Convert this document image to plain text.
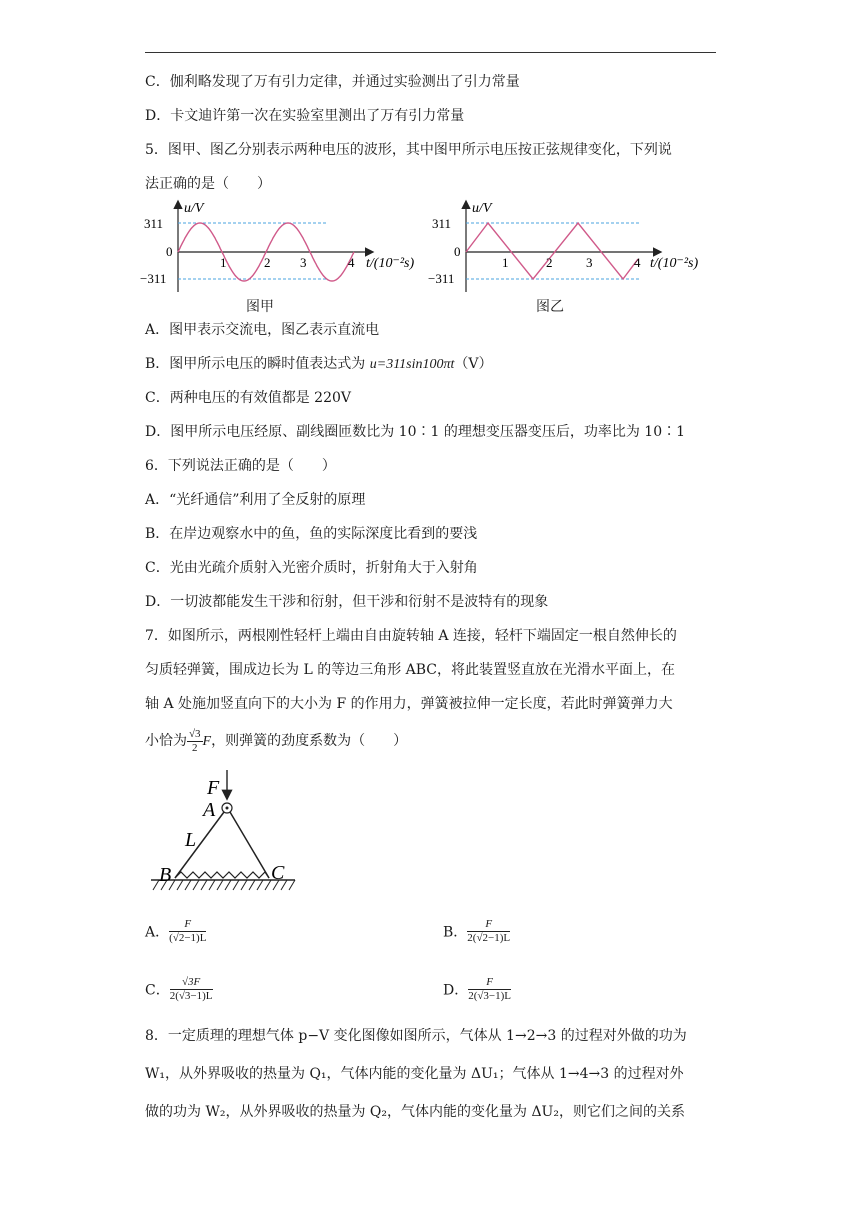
C．伽利略发现了万有引力定律，并通过实验测出了引力常量
D．卡文迪许第一次在实验室里测出了万有引力常量
5．图甲、图乙分别表示两种电压的波形，其中图甲所示电压按正弦规律变化，下列说
法正确的是（　　）
u/V
311
0
−311
1	2 3	4 t/(10⁻²s)
图甲
u/V
311
0
−311
1	2	3	4 t/(10⁻²s)
图乙
A．图甲表示交流电，图乙表示直流电
B．图甲所示电压的瞬时值表达式为 u=311sin100πt（V）
C．两种电压的有效值都是 220V
D．图甲所示电压经原、副线圈匝数比为 10∶1 的理想变压器变压后，功率比为 10∶1
6．下列说法正确的是（　　）
A．“光纤通信”利用了全反射的原理
B．在岸边观察水中的鱼，鱼的实际深度比看到的要浅
C．光由光疏介质射入光密介质时，折射角大于入射角
D．一切波都能发生干涉和衍射，但干涉和衍射不是波特有的现象
7．如图所示，两根刚性轻杆上端由自由旋转轴 A 连接，轻杆下端固定一根自然伸长的
匀质轻弹簧，围成边长为 L 的等边三角形 ABC，将此装置竖直放在光滑水平面上，在
轴 A 处施加竖直向下的大小为 F 的作用力，弹簧被拉伸一定长度，若此时弹簧弹力大
小恰为 $\frac{√3}{2}$ F，则弹簧的劲度系数为（　　）
F
A
L
B	C
A． $\frac{F}{(√2-1)L}$	B． $\frac{F}{2(√2-1)L}$
C． $\frac{√3F}{2(√3-1)L}$	D． $\frac{F}{2(√3-1)L}$
8．一定质理的理想气体 p−V 变化图像如图所示，气体从 1→2→3 的过程对外做的功为
W₁，从外界吸收的热量为 Q₁，气体内能的变化量为 ΔU₁；气体从 1→4→3 的过程对外
做的功为 W₂，从外界吸收的热量为 Q₂，气体内能的变化量为 ΔU₂，则它们之间的关系
